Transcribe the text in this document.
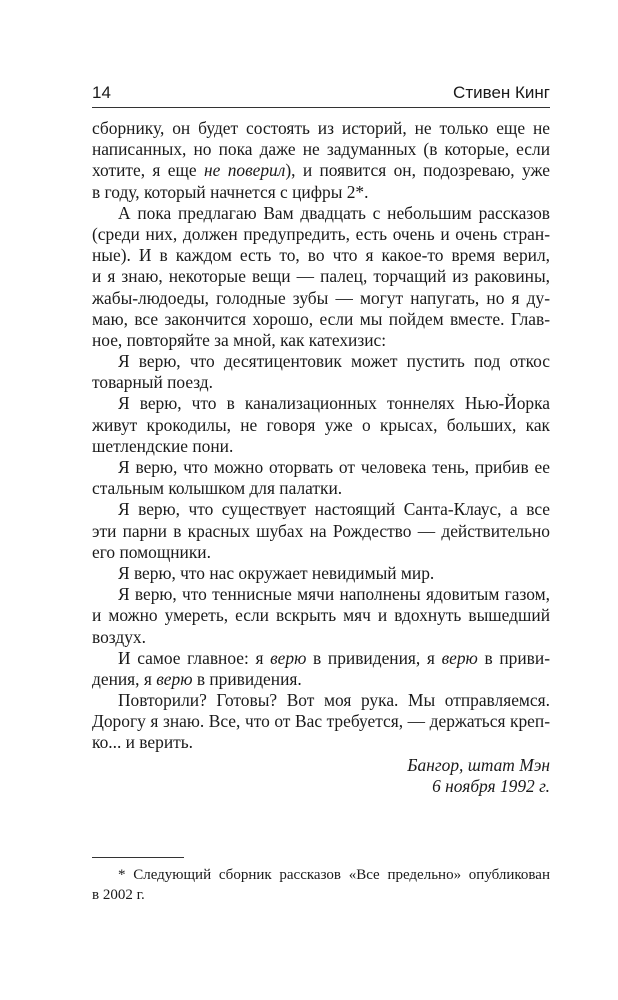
14	Стивен Кинг
сборнику, он будет состоять из историй, не только еще не
написанных, но пока даже не задуманных (в которые, если
хотите, я еще не поверил), и появится он, подозреваю, уже
в году, который начнется с цифры 2*.
А пока предлагаю Вам двадцать с небольшим рассказов
(среди них, должен предупредить, есть очень и очень стран-
ные). И в каждом есть то, во что я какое-то время верил,
и я знаю, некоторые вещи — палец, торчащий из раковины,
жабы-людоеды, голодные зубы — могут напугать, но я ду-
маю, все закончится хорошо, если мы пойдем вместе. Глав-
ное, повторяйте за мной, как катехизис:
Я верю, что десятицентовик может пустить под откос
товарный поезд.
Я верю, что в канализационных тоннелях Нью-Йорка
живут крокодилы, не говоря уже о крысах, больших, как
шетлендские пони.
Я верю, что можно оторвать от человека тень, прибив ее
стальным колышком для палатки.
Я верю, что существует настоящий Санта-Клаус, а все
эти парни в красных шубах на Рождество — действительно
его помощники.
Я верю, что нас окружает невидимый мир.
Я верю, что теннисные мячи наполнены ядовитым газом,
и можно умереть, если вскрыть мяч и вдохнуть вышедший
воздух.
И самое главное: я верю в привидения, я верю в приви-
дения, я верю в привидения.
Повторили? Готовы? Вот моя рука. Мы отправляемся.
Дорогу я знаю. Все, что от Вас требуется, — держаться креп-
ко... и верить.
Бангор, штат Мэн
6 ноября 1992 г.
* Следующий сборник рассказов «Все предельно» опубликован
в 2002 г.
